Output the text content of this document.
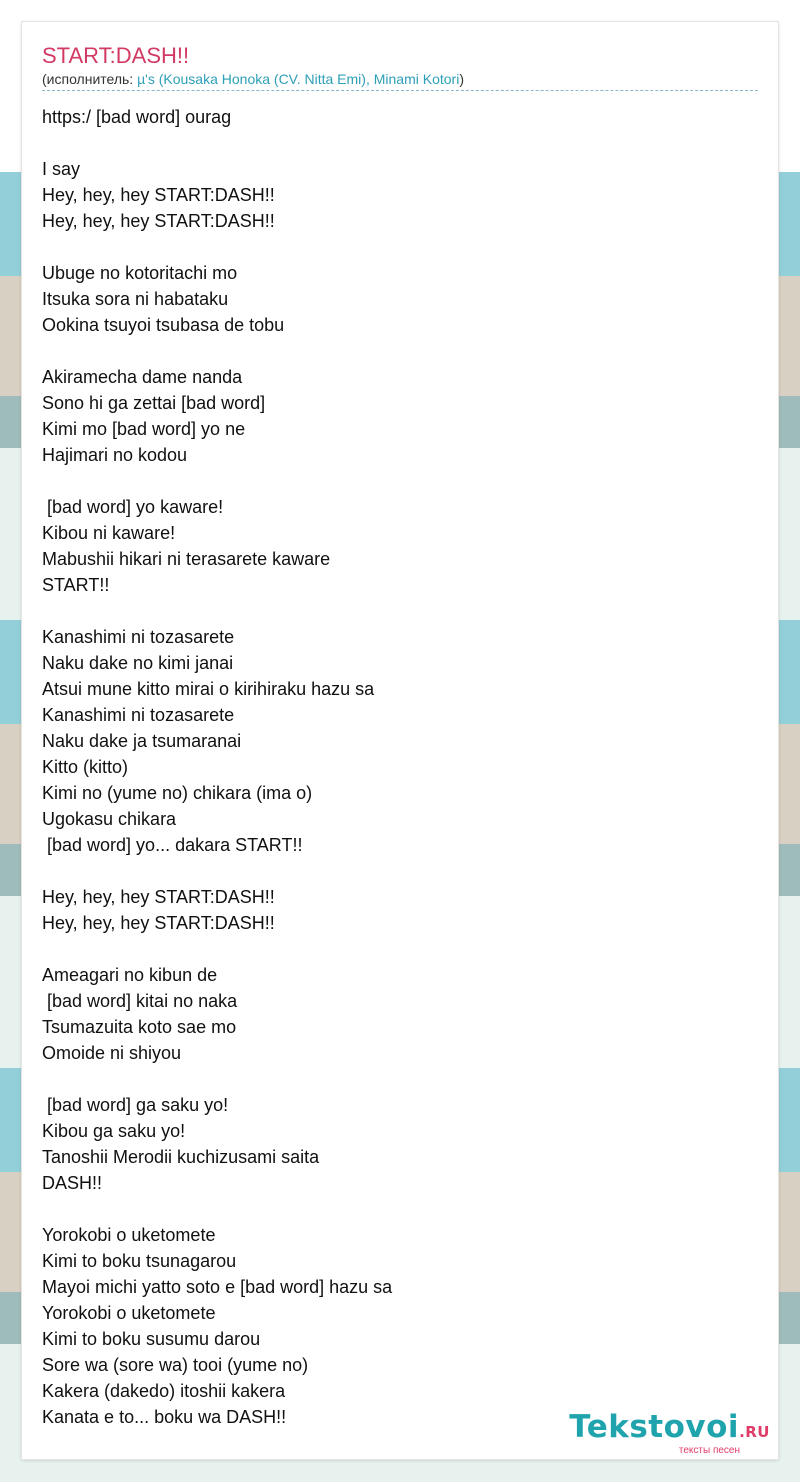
START:DASH!!
(исполнитель: µ's (Kousaka Honoka (CV. Nitta Emi), Minami Kotori)
https:/ [bad word] ourag
I say
Hey, hey, hey START:DASH!!
Hey, hey, hey START:DASH!!
Ubuge no kotoritachi mo
Itsuka sora ni habataku
Ookina tsuyoi tsubasa de tobu
Akiramecha dame nanda
Sono hi ga zettai [bad word]
Kimi mo [bad word] yo ne
Hajimari no kodou
[bad word] yo kaware!
Kibou ni kaware!
Mabushii hikari ni terasarete kaware
START!!
Kanashimi ni tozasarete
Naku dake no kimi janai
Atsui mune kitto mirai o kirihiraku hazu sa
Kanashimi ni tozasarete
Naku dake ja tsumaranai
Kitto (kitto)
Kimi no (yume no) chikara (ima o)
Ugokasu chikara
[bad word] yo... dakara START!!
Hey, hey, hey START:DASH!!
Hey, hey, hey START:DASH!!
Ameagari no kibun de
[bad word] kitai no naka
Tsumazuita koto sae mo
Omoide ni shiyou
[bad word] ga saku yo!
Kibou ga saku yo!
Tanoshii Merodii kuchizusami saita
DASH!!
Yorokobi o uketomete
Kimi to boku tsunagarou
Mayoi michi yatto soto e [bad word] hazu sa
Yorokobi o uketomete
Kimi to boku susumu darou
Sore wa (sore wa) tooi (yume no)
Kakera (dakedo) itoshii kakera
Kanata e to... boku wa DASH!!	Tekstovoi.RU
тексты песен
